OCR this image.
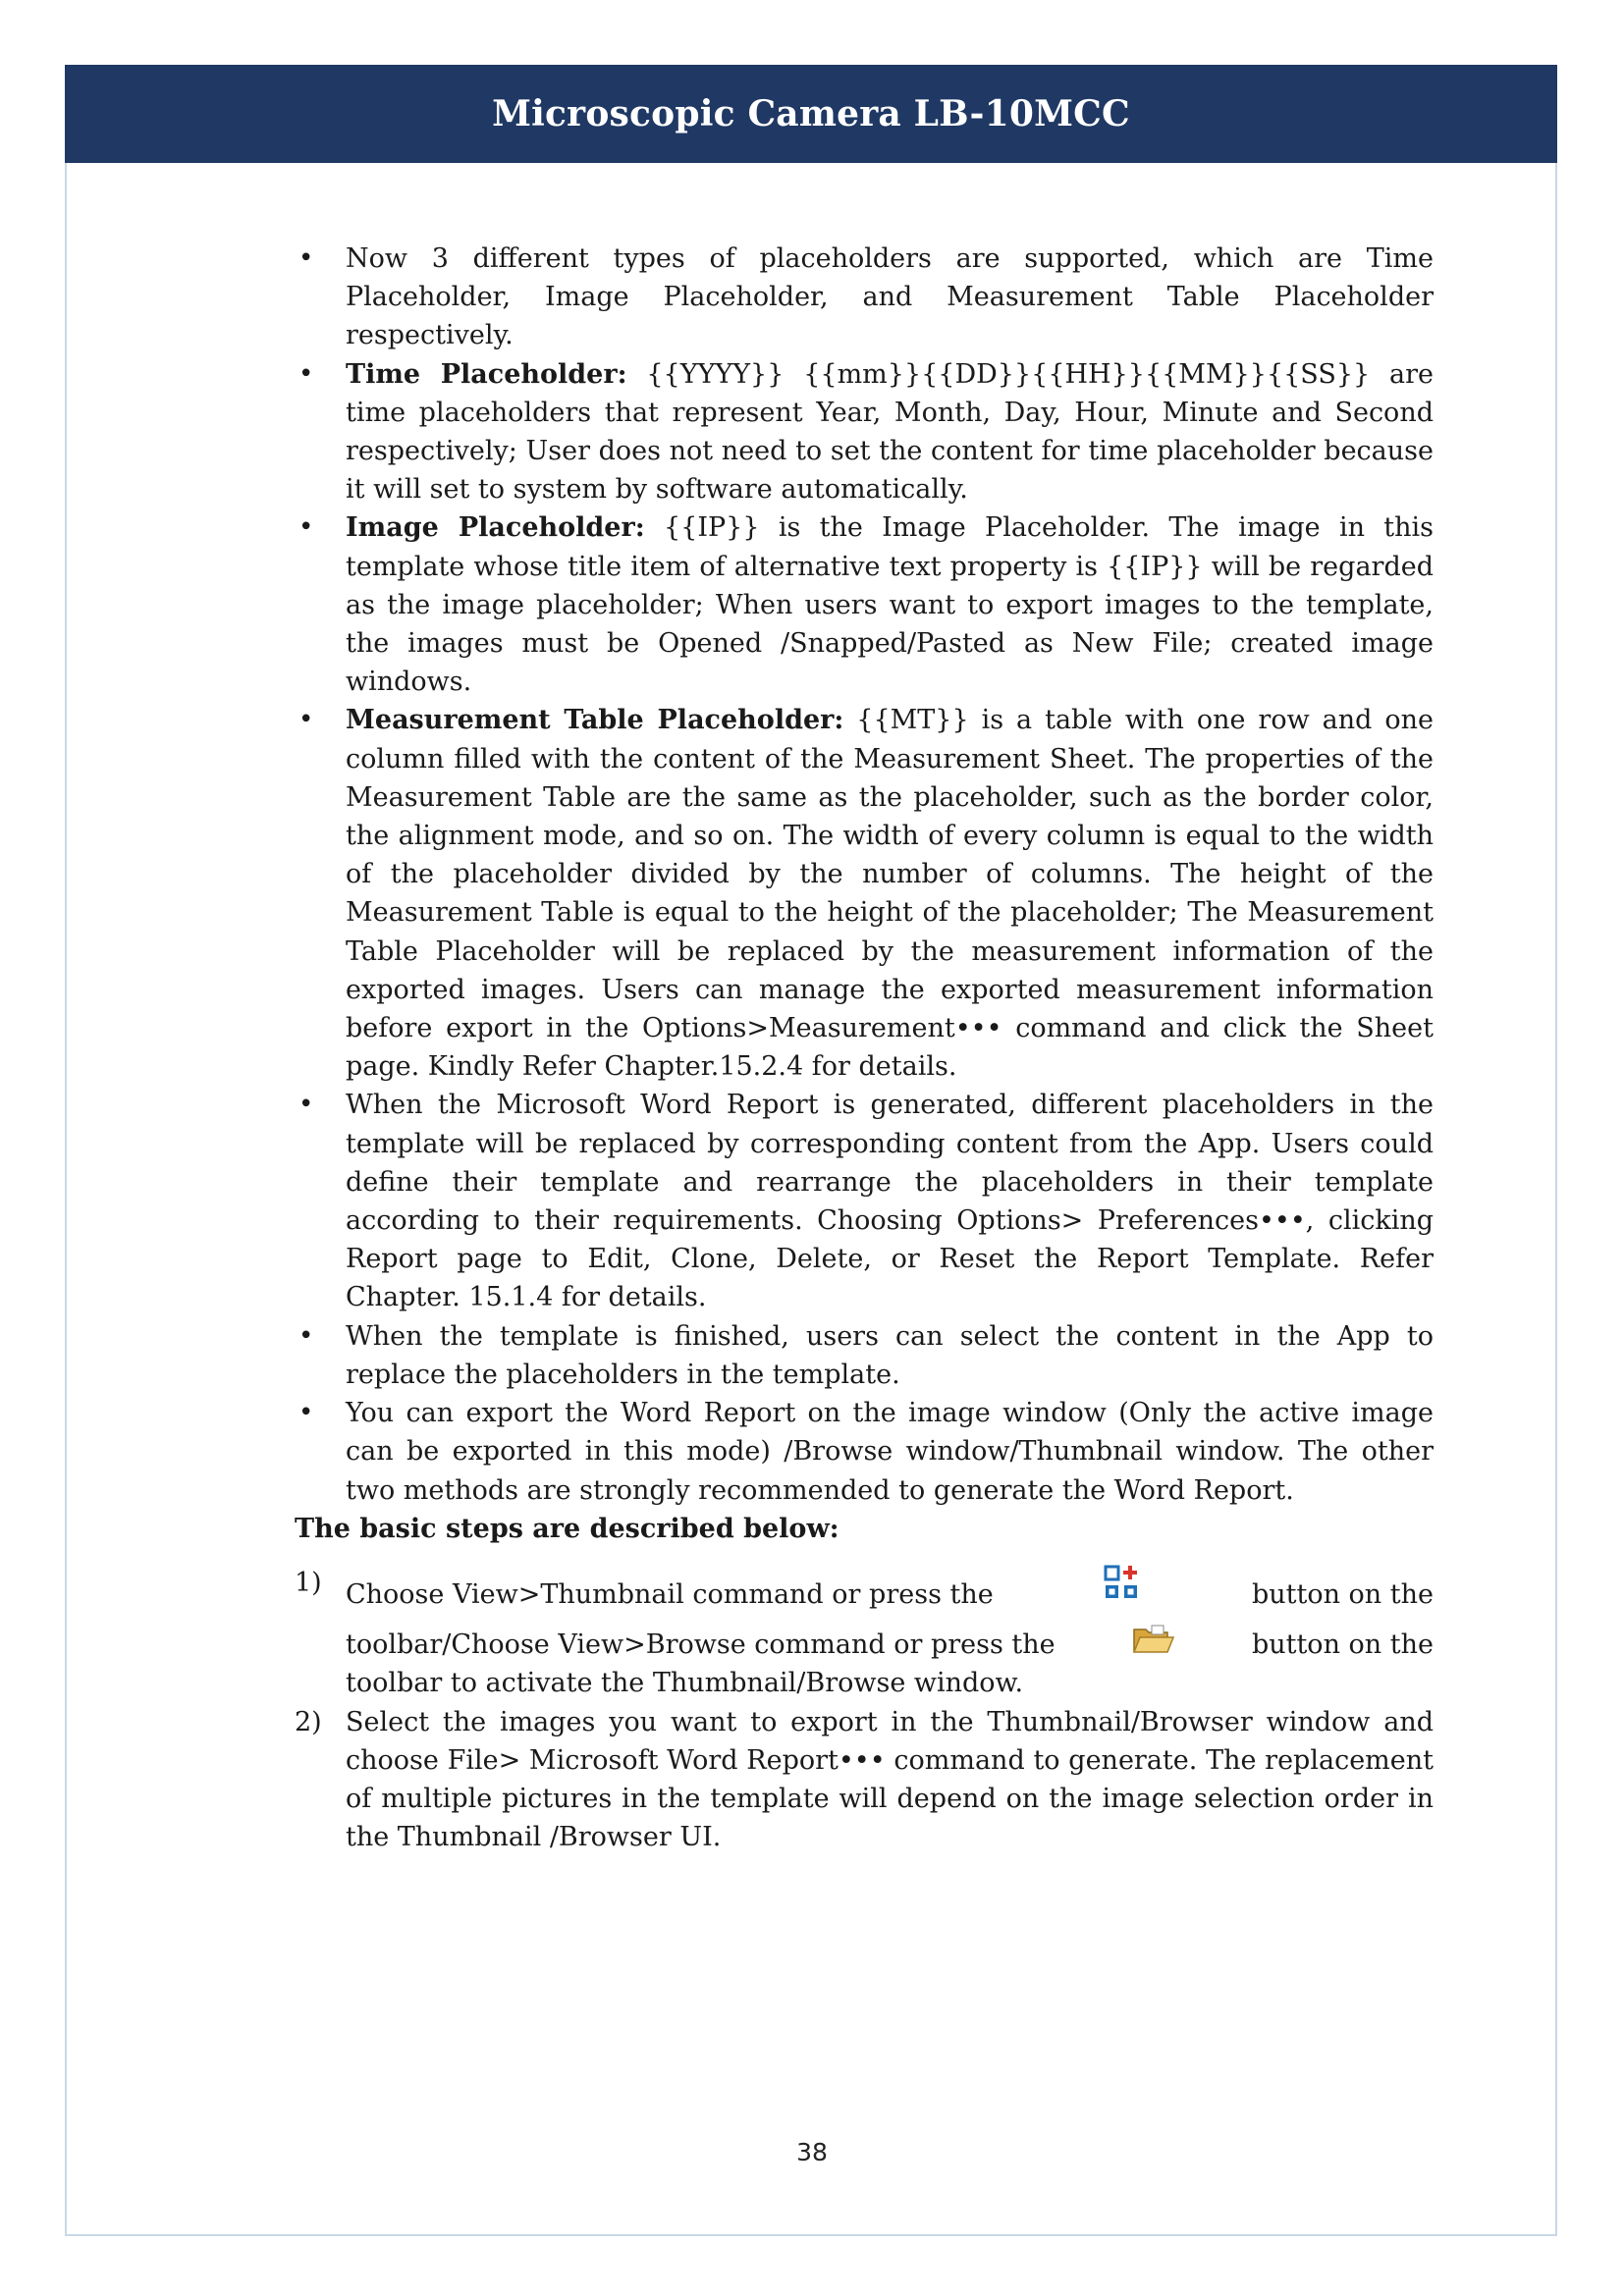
Microscopic Camera LB-10MCC
• Now 3 different types of placeholders are supported, which are Time Placeholder, Image Placeholder, and Measurement Table Placeholder respectively.
• Time Placeholder: {{YYYY}} {{mm}}{{DD}}{{HH}}{{MM}}{{SS}} are time placeholders that represent Year, Month, Day, Hour, Minute and Second respectively; User does not need to set the content for time placeholder because it will set to system by software automatically.
• Image Placeholder: {{IP}} is the Image Placeholder. The image in this template whose title item of alternative text property is {{IP}} will be regarded as the image placeholder; When users want to export images to the template, the images must be Opened /Snapped/Pasted as New File; created image windows.
• Measurement Table Placeholder: {{MT}} is a table with one row and one column filled with the content of the Measurement Sheet. The properties of the Measurement Table are the same as the placeholder, such as the border color, the alignment mode, and so on. The width of every column is equal to the width of the placeholder divided by the number of columns. The height of the Measurement Table is equal to the height of the placeholder; The Measurement Table Placeholder will be replaced by the measurement information of the exported images. Users can manage the exported measurement information before export in the Options>Measurement••• command and click the Sheet page. Kindly Refer Chapter.15.2.4 for details.
• When the Microsoft Word Report is generated, different placeholders in the template will be replaced by corresponding content from the App. Users could define their template and rearrange the placeholders in their template according to their requirements. Choosing Options> Preferences•••, clicking Report page to Edit, Clone, Delete, or Reset the Report Template. Refer Chapter. 15.1.4 for details.
• When the template is finished, users can select the content in the App to replace the placeholders in the template.
• You can export the Word Report on the image window (Only the active image can be exported in this mode) /Browse window/Thumbnail window. The other two methods are strongly recommended to generate the Word Report.

The basic steps are described below:

1) Choose View>Thumbnail command or press the	button on the
toolbar/Choose View>Browse command or press the	button on the
toolbar to activate the Thumbnail/Browse window.
2) Select the images you want to export in the Thumbnail/Browser window and choose File> Microsoft Word Report••• command to generate. The replacement of multiple pictures in the template will depend on the image selection order in the Thumbnail /Browser UI.
38
